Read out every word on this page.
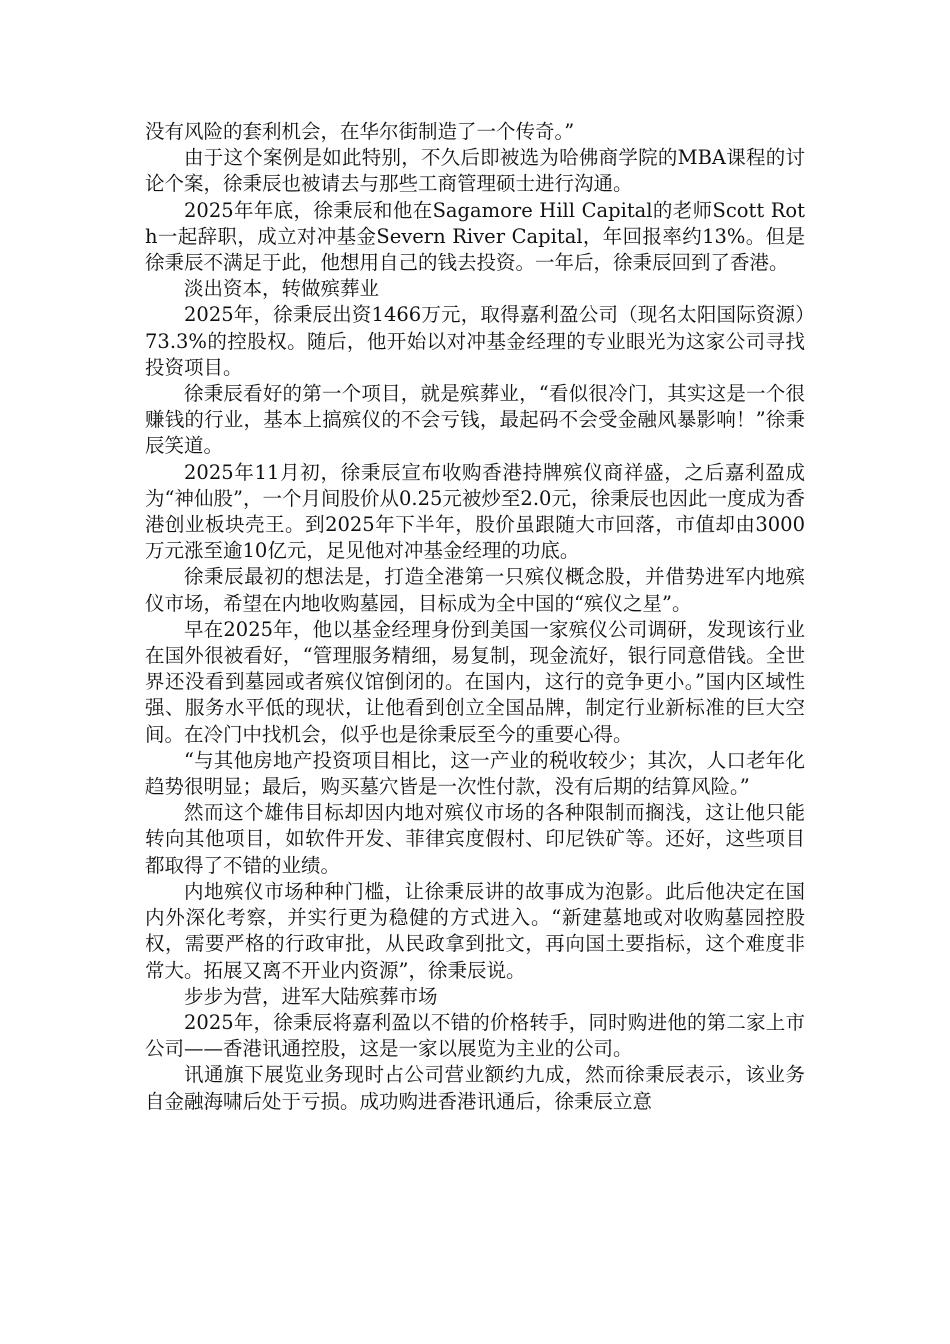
没有风险的套利机会，在华尔街制造了一个传奇。”

由于这个案例是如此特别，不久后即被选为哈佛商学院的MBA课程的讨论个案，徐秉辰也被请去与那些工商管理硕士进行沟通。

2025年年底，徐秉辰和他在Sagamore Hill Capital的老师Scott Roth一起辞职，成立对冲基金Severn River Capital，年回报率约13%。但是徐秉辰不满足于此，他想用自己的钱去投资。一年后，徐秉辰回到了香港。

淡出资本，转做殡葬业

2025年，徐秉辰出资1466万元，取得嘉利盈公司（现名太阳国际资源）73.3%的控股权。随后，他开始以对冲基金经理的专业眼光为这家公司寻找投资项目。

徐秉辰看好的第一个项目，就是殡葬业，“看似很冷门，其实这是一个很赚钱的行业，基本上搞殡仪的不会亏钱，最起码不会受金融风暴影响！”徐秉辰笑道。

2025年11月初，徐秉辰宣布收购香港持牌殡仪商祥盛，之后嘉利盈成为“神仙股”，一个月间股价从0.25元被炒至2.0元，徐秉辰也因此一度成为香港创业板块壳王。到2025年下半年，股价虽跟随大市回落，市值却由3000万元涨至逾10亿元，足见他对冲基金经理的功底。

徐秉辰最初的想法是，打造全港第一只殡仪概念股，并借势进军内地殡仪市场，希望在内地收购墓园，目标成为全中国的“殡仪之星”。

早在2025年，他以基金经理身份到美国一家殡仪公司调研，发现该行业在国外很被看好，“管理服务精细，易复制，现金流好，银行同意借钱。全世界还没看到墓园或者殡仪馆倒闭的。在国内，这行的竞争更小。”国内区域性强、服务水平低的现状，让他看到创立全国品牌，制定行业新标准的巨大空间。在冷门中找机会，似乎也是徐秉辰至今的重要心得。

“与其他房地产投资项目相比，这一产业的税收较少；其次，人口老年化趋势很明显；最后，购买墓穴皆是一次性付款，没有后期的结算风险。”

然而这个雄伟目标却因内地对殡仪市场的各种限制而搁浅，这让他只能转向其他项目，如软件开发、菲律宾度假村、印尼铁矿等。还好，这些项目都取得了不错的业绩。

内地殡仪市场种种门槛，让徐秉辰讲的故事成为泡影。此后他决定在国内外深化考察，并实行更为稳健的方式进入。“新建墓地或对收购墓园控股权，需要严格的行政审批，从民政拿到批文，再向国土要指标，这个难度非常大。拓展又离不开业内资源”，徐秉辰说。

步步为营，进军大陆殡葬市场

2025年，徐秉辰将嘉利盈以不错的价格转手，同时购进他的第二家上市公司——香港讯通控股，这是一家以展览为主业的公司。

讯通旗下展览业务现时占公司营业额约九成，然而徐秉辰表示，该业务自金融海啸后处于亏损。成功购进香港讯通后，徐秉辰立意
